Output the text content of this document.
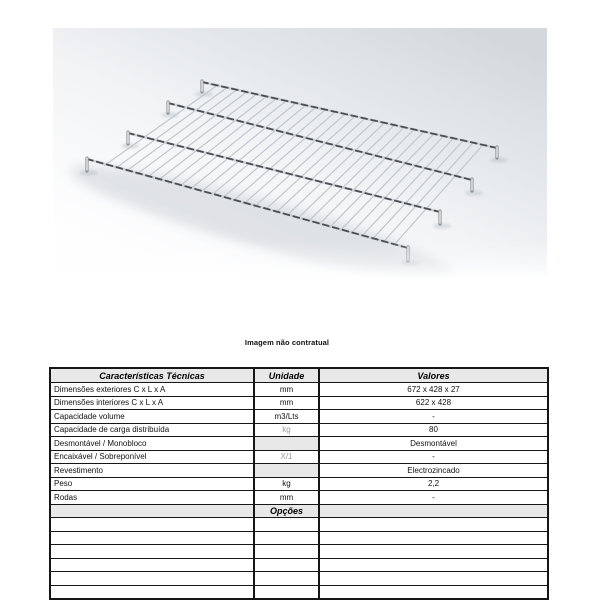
Imagem não contratual
Características Técnicas	Unidade	Valores
Dimensões exteriores C x L x A	mm	672 x 428 x 27
Dimensões interiores C x L x A	mm	622 x 428
Capacidade volume	m3/Lts	-
Capacidade de carga distribuída	kg	80
Desmontável / Monobloco		Desmontável
Encaixável / Sobreponível	X/1	-
Revestimento		Electrozincado
Peso	kg	2,2
Rodas	mm	-
	Opções	
